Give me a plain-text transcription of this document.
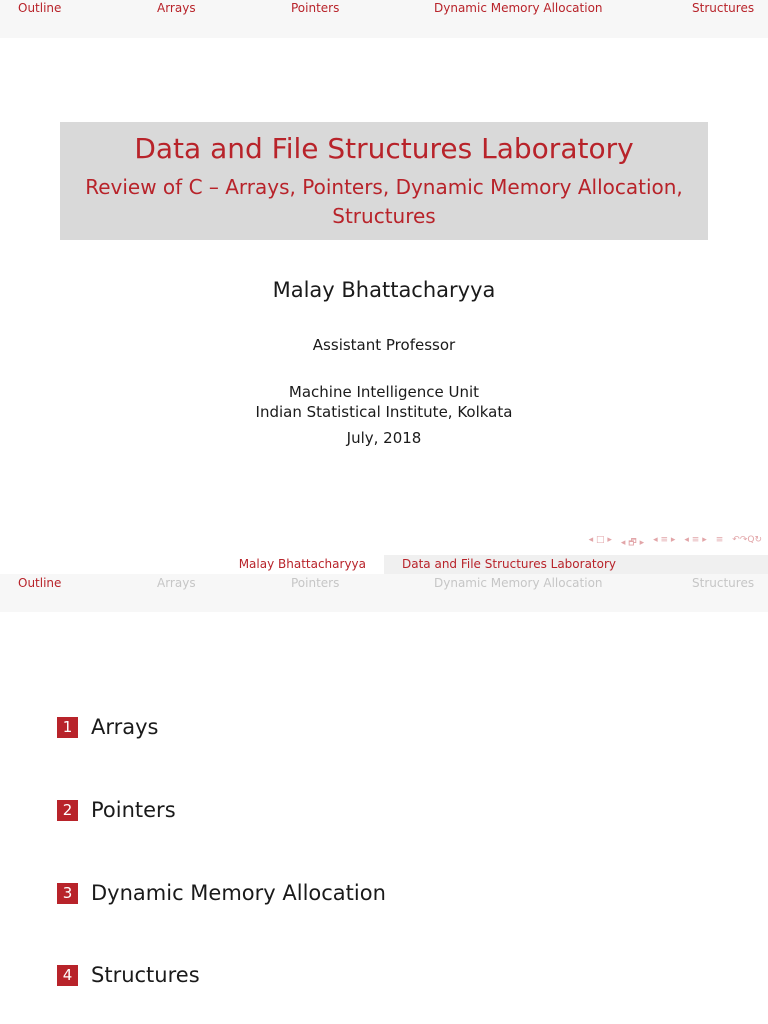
Outline	Arrays	Pointers	Dynamic Memory Allocation	Structures
Data and File Structures Laboratory
Review of C – Arrays, Pointers, Dynamic Memory Allocation, Structures
Malay Bhattacharyya
Assistant Professor
Machine Intelligence Unit
Indian Statistical Institute, Kolkata
July, 2018
◂ □ ▸ ◂ 🗗 ▸ ◂ ≡ ▸ ◂ ≡ ▸ ≡ ↶↷Q↻
Malay Bhattacharyya	Data and File Structures Laboratory
Outline	Arrays	Pointers	Dynamic Memory Allocation	Structures
1 Arrays
2 Pointers
3 Dynamic Memory Allocation
4 Structures
